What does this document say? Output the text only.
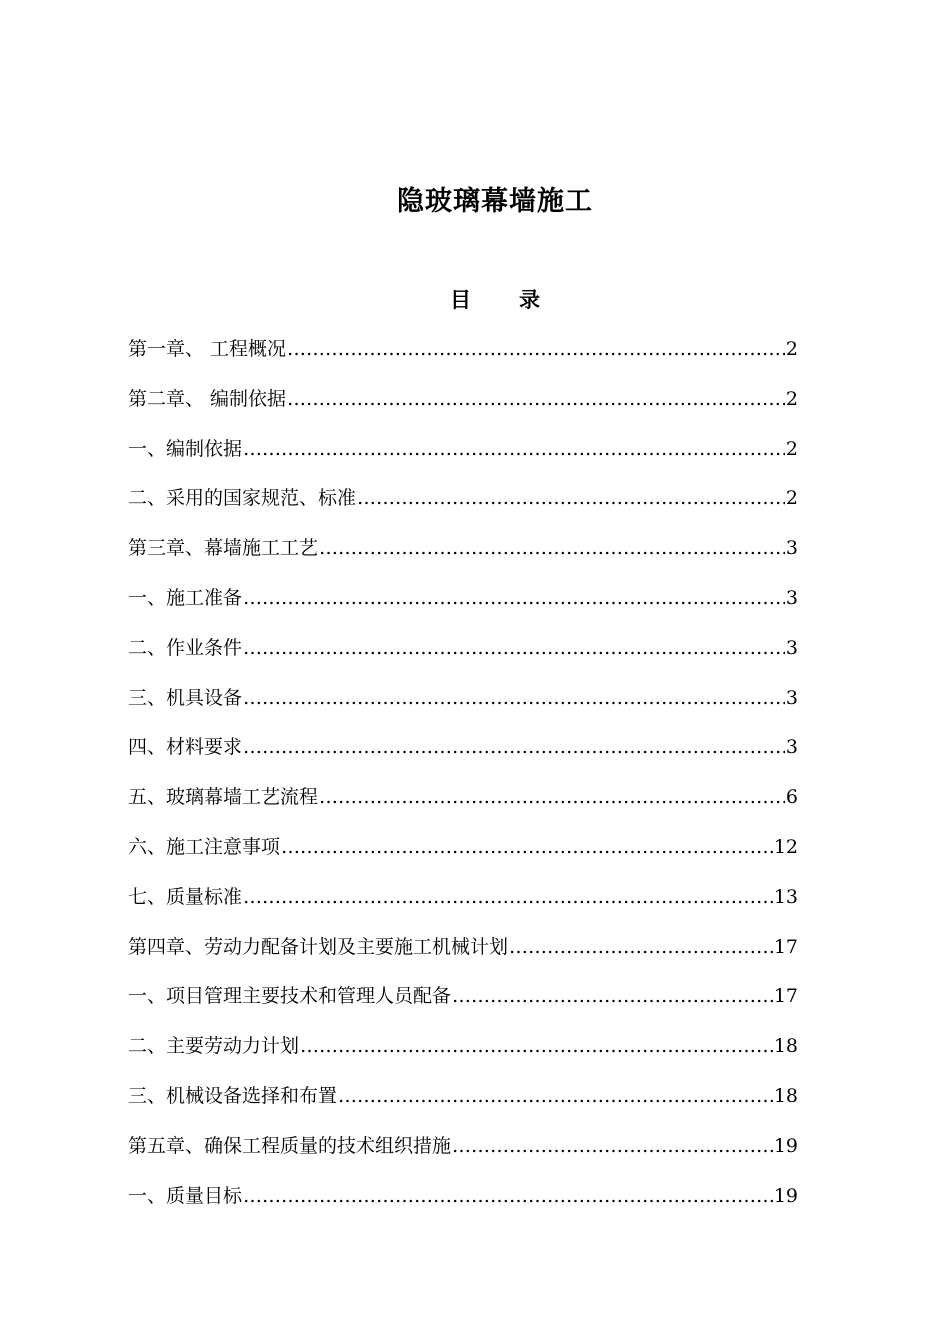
隐玻璃幕墙施工
目 录
第一章、 工程概况 ……………………………………………………………………………………………………………………………………………………………………………………………………………………	2
第二章、 编制依据 ……………………………………………………………………………………………………………………………………………………………………………………………………………………	2
一、编制依据 ……………………………………………………………………………………………………………………………………………………………………………………………………………………	2
二、采用的国家规范、标准 ……………………………………………………………………………………………………………………………………………………………………………………………………………………	2
第三章、幕墙施工工艺 ……………………………………………………………………………………………………………………………………………………………………………………………………………………	3
一、施工准备 ……………………………………………………………………………………………………………………………………………………………………………………………………………………	3
二、作业条件 ……………………………………………………………………………………………………………………………………………………………………………………………………………………	3
三、机具设备 ……………………………………………………………………………………………………………………………………………………………………………………………………………………	3
四、材料要求 ……………………………………………………………………………………………………………………………………………………………………………………………………………………	3
五、玻璃幕墙工艺流程 ……………………………………………………………………………………………………………………………………………………………………………………………………………………	6
六、施工注意事项 ……………………………………………………………………………………………………………………………………………………………………………………………………………………	12
七、质量标准 ……………………………………………………………………………………………………………………………………………………………………………………………………………………	13
第四章、劳动力配备计划及主要施工机械计划 ……………………………………………………………………………………………………………………………………………………………………………………………………………………	17
一、项目管理主要技术和管理人员配备 ……………………………………………………………………………………………………………………………………………………………………………………………………………………	17
二、主要劳动力计划 ……………………………………………………………………………………………………………………………………………………………………………………………………………………	18
三、机械设备选择和布置 ……………………………………………………………………………………………………………………………………………………………………………………………………………………	18
第五章、确保工程质量的技术组织措施 ……………………………………………………………………………………………………………………………………………………………………………………………………………………	19
一、质量目标 ……………………………………………………………………………………………………………………………………………………………………………………………………………………	19
